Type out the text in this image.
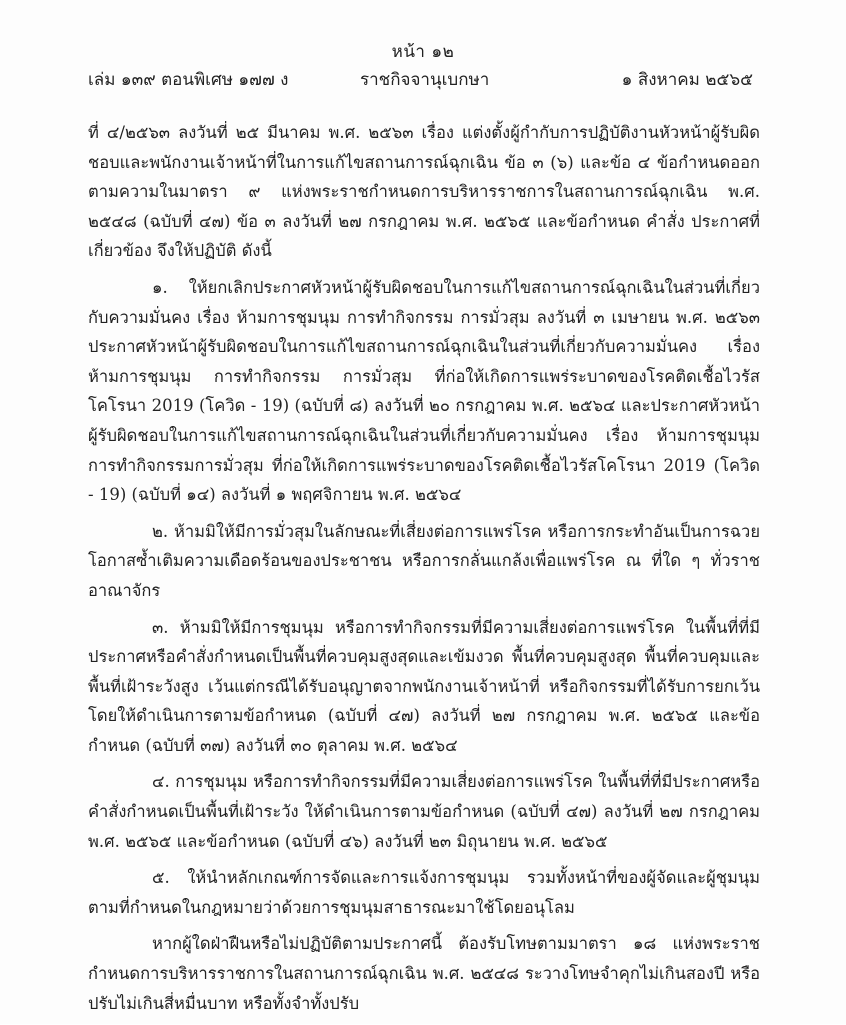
หน้า ๑๒
เล่ม ๑๓๙ ตอนพิเศษ ๑๗๗ ง	ราชกิจจานุเบกษา	๑ สิงหาคม ๒๕๖๕

ที่ ๔/๒๕๖๓ ลงวันที่ ๒๕ มีนาคม พ.ศ. ๒๕๖๓ เรื่อง แต่งตั้งผู้กำกับการปฏิบัติงานหัวหน้าผู้รับผิดชอบและพนักงานเจ้าหน้าที่ในการแก้ไขสถานการณ์ฉุกเฉิน ข้อ ๓ (๖) และข้อ ๔ ข้อกำหนดออกตามความในมาตรา ๙ แห่งพระราชกำหนดการบริหารราชการในสถานการณ์ฉุกเฉิน พ.ศ. ๒๕๔๘ (ฉบับที่ ๔๗) ข้อ ๓ ลงวันที่ ๒๗ กรกฎาคม พ.ศ. ๒๕๖๕ และข้อกำหนด คำสั่ง ประกาศที่เกี่ยวข้อง จึงให้ปฏิบัติ ดังนี้

๑. ให้ยกเลิกประกาศหัวหน้าผู้รับผิดชอบในการแก้ไขสถานการณ์ฉุกเฉินในส่วนที่เกี่ยวกับความมั่นคง เรื่อง ห้ามการชุมนุม การทำกิจกรรม การมั่วสุม ลงวันที่ ๓ เมษายน พ.ศ. ๒๕๖๓ ประกาศหัวหน้าผู้รับผิดชอบในการแก้ไขสถานการณ์ฉุกเฉินในส่วนที่เกี่ยวกับความมั่นคง เรื่อง ห้ามการชุมนุม การทำกิจกรรม การมั่วสุม ที่ก่อให้เกิดการแพร่ระบาดของโรคติดเชื้อไวรัสโคโรนา 2019 (โควิด - 19) (ฉบับที่ ๘) ลงวันที่ ๒๐ กรกฎาคม พ.ศ. ๒๕๖๔ และประกาศหัวหน้าผู้รับผิดชอบในการแก้ไขสถานการณ์ฉุกเฉินในส่วนที่เกี่ยวกับความมั่นคง เรื่อง ห้ามการชุมนุม การทำกิจกรรมการมั่วสุม ที่ก่อให้เกิดการแพร่ระบาดของโรคติดเชื้อไวรัสโคโรนา 2019 (โควิด - 19) (ฉบับที่ ๑๔) ลงวันที่ ๑ พฤศจิกายน พ.ศ. ๒๕๖๔

๒. ห้ามมิให้มีการมั่วสุมในลักษณะที่เสี่ยงต่อการแพร่โรค หรือการกระทำอันเป็นการฉวยโอกาสซ้ำเติมความเดือดร้อนของประชาชน หรือการกลั่นแกล้งเพื่อแพร่โรค ณ ที่ใด ๆ ทั่วราชอาณาจักร

๓. ห้ามมิให้มีการชุมนุม หรือการทำกิจกรรมที่มีความเสี่ยงต่อการแพร่โรค ในพื้นที่ที่มีประกาศหรือคำสั่งกำหนดเป็นพื้นที่ควบคุมสูงสุดและเข้มงวด พื้นที่ควบคุมสูงสุด พื้นที่ควบคุมและพื้นที่เฝ้าระวังสูง เว้นแต่กรณีได้รับอนุญาตจากพนักงานเจ้าหน้าที่ หรือกิจกรรมที่ได้รับการยกเว้นโดยให้ดำเนินการตามข้อกำหนด (ฉบับที่ ๔๗) ลงวันที่ ๒๗ กรกฎาคม พ.ศ. ๒๕๖๕ และข้อกำหนด (ฉบับที่ ๓๗) ลงวันที่ ๓๐ ตุลาคม พ.ศ. ๒๕๖๔

๔. การชุมนุม หรือการทำกิจกรรมที่มีความเสี่ยงต่อการแพร่โรค ในพื้นที่ที่มีประกาศหรือคำสั่งกำหนดเป็นพื้นที่เฝ้าระวัง ให้ดำเนินการตามข้อกำหนด (ฉบับที่ ๔๗) ลงวันที่ ๒๗ กรกฎาคม พ.ศ. ๒๕๖๕ และข้อกำหนด (ฉบับที่ ๔๖) ลงวันที่ ๒๓ มิถุนายน พ.ศ. ๒๕๖๕

๕. ให้นำหลักเกณฑ์การจัดและการแจ้งการชุมนุม รวมทั้งหน้าที่ของผู้จัดและผู้ชุมนุมตามที่กำหนดในกฎหมายว่าด้วยการชุมนุมสาธารณะมาใช้โดยอนุโลม

หากผู้ใดฝ่าฝืนหรือไม่ปฏิบัติตามประกาศนี้ ต้องรับโทษตามมาตรา ๑๘ แห่งพระราชกำหนดการบริหารราชการในสถานการณ์ฉุกเฉิน พ.ศ. ๒๕๔๘ ระวางโทษจำคุกไม่เกินสองปี หรือปรับไม่เกินสี่หมื่นบาท หรือทั้งจำทั้งปรับ
